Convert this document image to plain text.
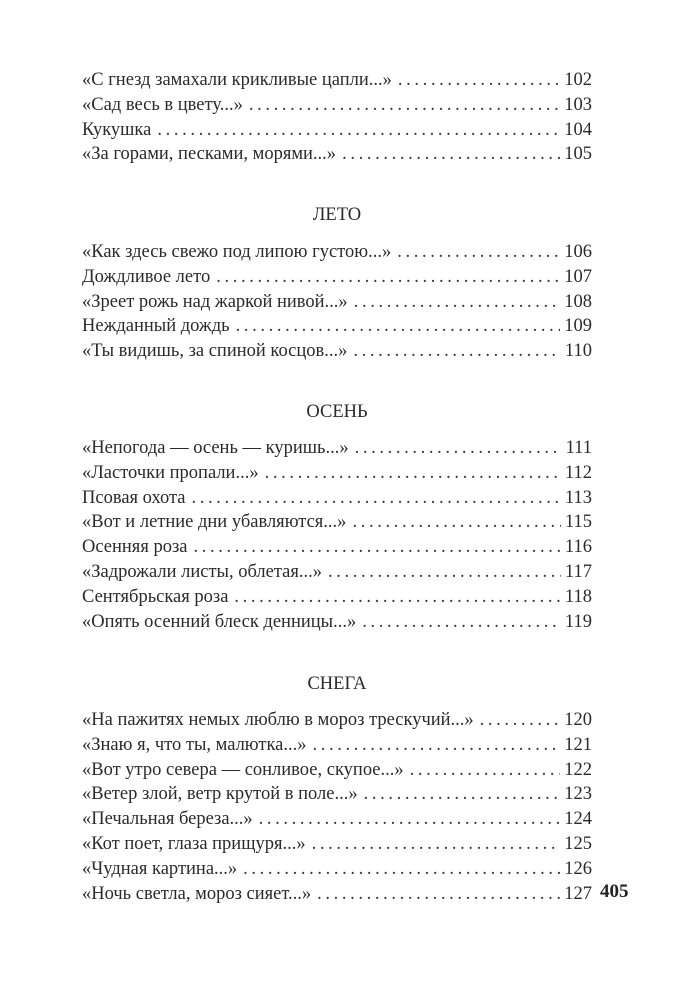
«С гнезд замахали крикливые цапли...» . . .	102
«Сад весь в цвету...» . . .	103
Кукушка . . .	104
«За горами, песками, морями...» . . .	105
ЛЕТО
«Как здесь свежо под липою густою...» . . .	106
Дождливое лето . . .	107
«Зреет рожь над жаркой нивой...» . . .	108
Нежданный дождь . . .	109
«Ты видишь, за спиной косцов...» . . .	110
ОСЕНЬ
«Непогода — осень — куришь...» . . .	111
«Ласточки пропали...» . . .	112
Псовая охота . . .	113
«Вот и летние дни убавляются...» . . .	115
Осенняя роза . . .	116
«Задрожали листы, облетая...» . . .	117
Сентябрьская роза . . .	118
«Опять осенний блеск денницы...» . . .	119
СНЕГА
«На пажитях немых люблю в мороз трескучий...» . . .	120
«Знаю я, что ты, малютка...» . . .	121
«Вот утро севера — сонливое, скупое...» . . .	122
«Ветер злой, ветр крутой в поле...» . . .	123
«Печальная береза...» . . .	124
«Кот поет, глаза прищуря...» . . .	125
«Чудная картина...» . . .	126
«Ночь светла, мороз сияет...» . . .	127 405
